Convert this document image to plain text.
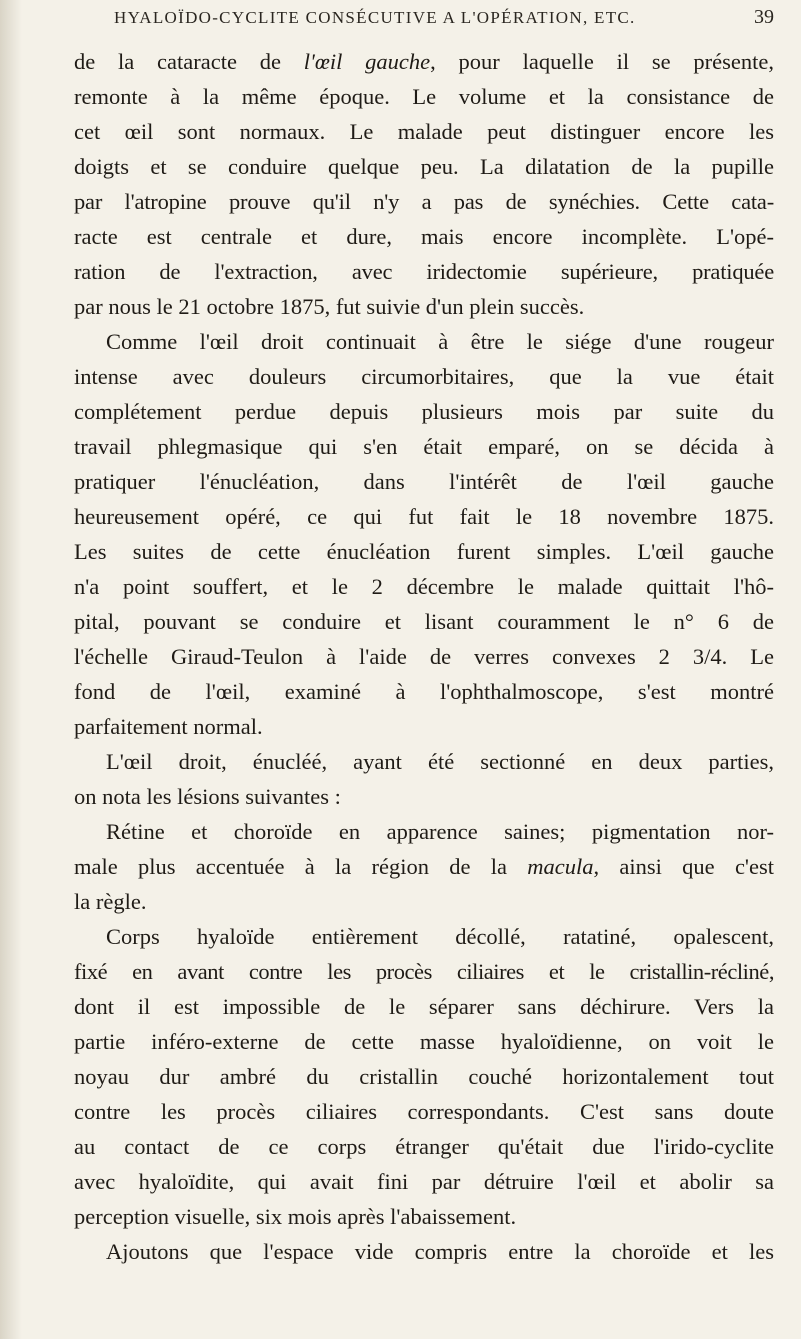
HYALOÏDO-CYCLITE CONSÉCUTIVE A L'OPÉRATION, ETC.	39
de la cataracte de l'œil gauche, pour laquelle il se présente,
remonte à la même époque. Le volume et la consistance de
cet œil sont normaux. Le malade peut distinguer encore les
doigts et se conduire quelque peu. La dilatation de la pupille
par l'atropine prouve qu'il n'y a pas de synéchies. Cette cata-
racte est centrale et dure, mais encore incomplète. L'opé-
ration de l'extraction, avec iridectomie supérieure, pratiquée
par nous le 21 octobre 1875, fut suivie d'un plein succès.
Comme l'œil droit continuait à être le siége d'une rougeur
intense avec douleurs circumorbitaires, que la vue était
complétement perdue depuis plusieurs mois par suite du
travail phlegmasique qui s'en était emparé, on se décida à
pratiquer l'énucléation, dans l'intérêt de l'œil gauche
heureusement opéré, ce qui fut fait le 18 novembre 1875.
Les suites de cette énucléation furent simples. L'œil gauche
n'a point souffert, et le 2 décembre le malade quittait l'hô-
pital, pouvant se conduire et lisant couramment le n° 6 de
l'échelle Giraud-Teulon à l'aide de verres convexes 2 3/4. Le
fond de l'œil, examiné à l'ophthalmoscope, s'est montré
parfaitement normal.
L'œil droit, énucléé, ayant été sectionné en deux parties,
on nota les lésions suivantes :
Rétine et choroïde en apparence saines; pigmentation nor-
male plus accentuée à la région de la macula, ainsi que c'est
la règle.
Corps hyaloïde entièrement décollé, ratatiné, opalescent,
fixé en avant contre les procès ciliaires et le cristallin-récliné,
dont il est impossible de le séparer sans déchirure. Vers la
partie inféro-externe de cette masse hyaloïdienne, on voit le
noyau dur ambré du cristallin couché horizontalement tout
contre les procès ciliaires correspondants. C'est sans doute
au contact de ce corps étranger qu'était due l'irido-cyclite
avec hyaloïdite, qui avait fini par détruire l'œil et abolir sa
perception visuelle, six mois après l'abaissement.
Ajoutons que l'espace vide compris entre la choroïde et les
